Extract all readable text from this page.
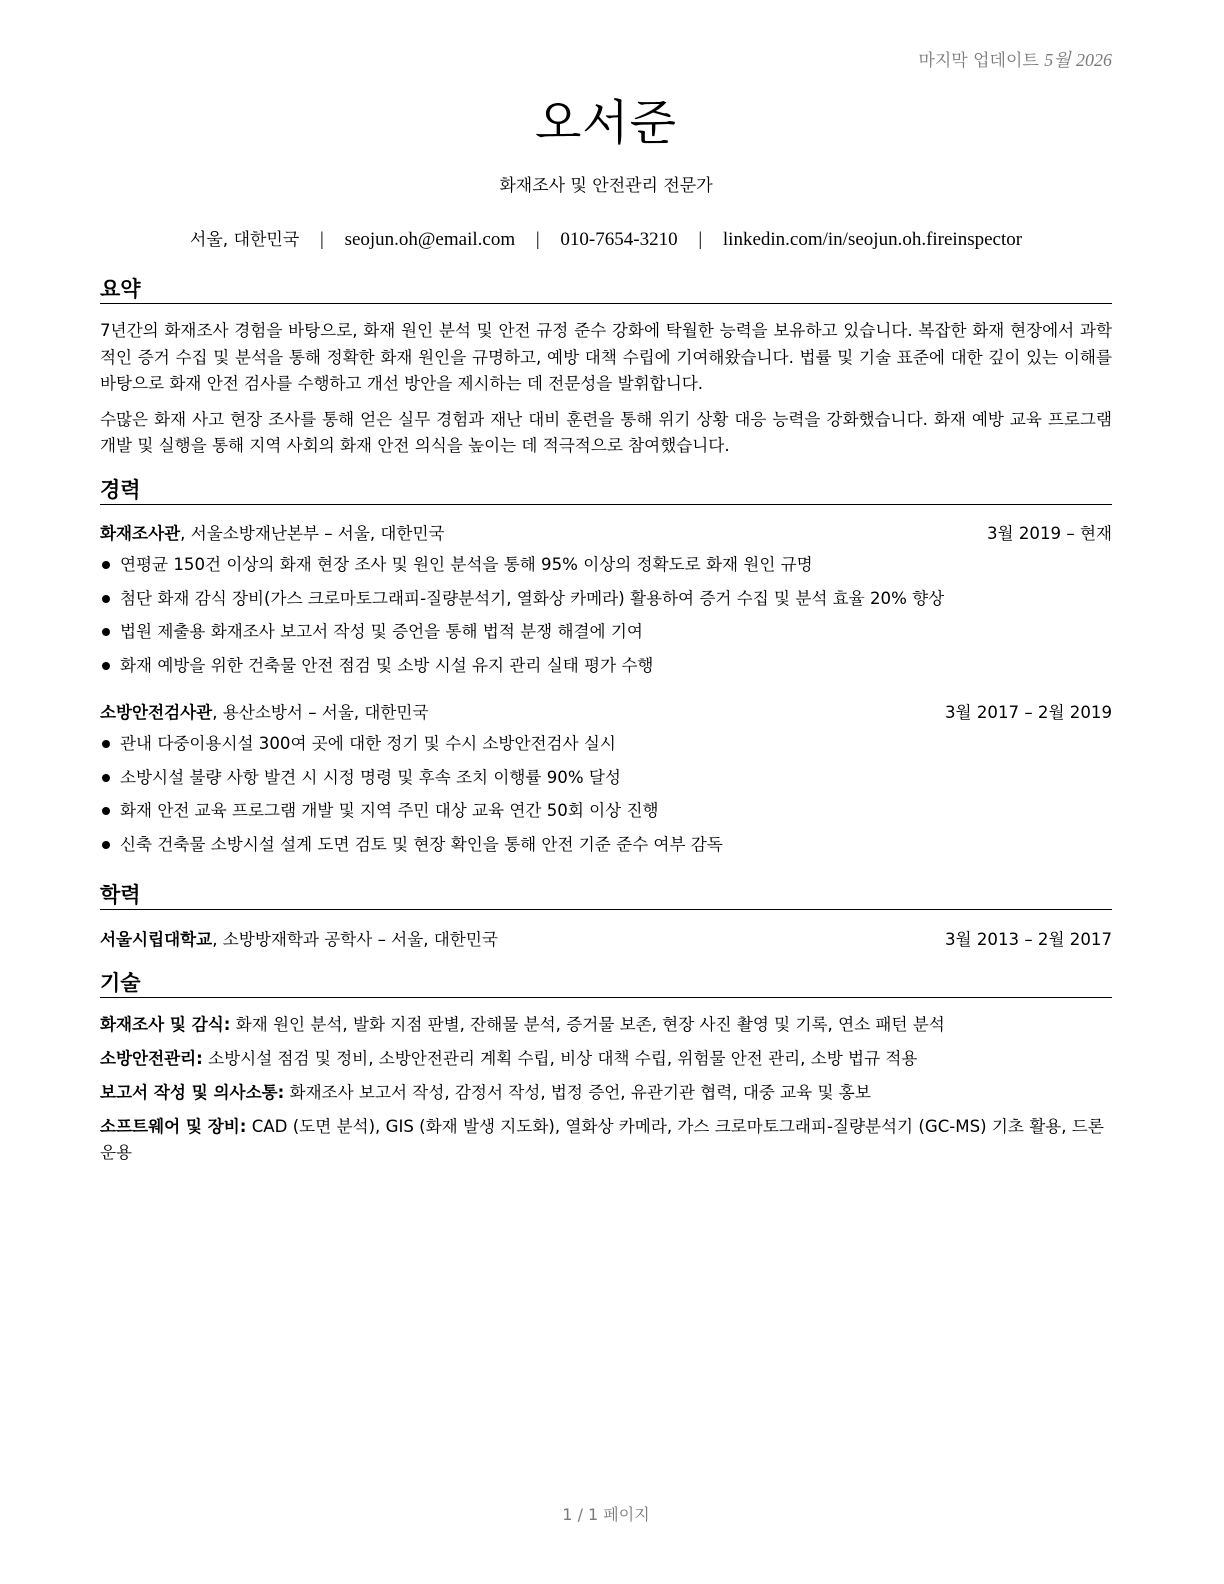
마지막 업데이트 5월 2026
오서준
화재조사 및 안전관리 전문가
서울, 대한민국 | seojun.oh@email.com | 010-7654-3210 | linkedin.com/in/seojun.oh.fireinspector
요약

7년간의 화재조사 경험을 바탕으로, 화재 원인 분석 및 안전 규정 준수 강화에 탁월한 능력을 보유하고 있습니다. 복잡한 화재 현장에서 과학적인 증거 수집 및 분석을 통해 정확한 화재 원인을 규명하고, 예방 대책 수립에 기여해왔습니다. 법률 및 기술 표준에 대한 깊이 있는 이해를 바탕으로 화재 안전 검사를 수행하고 개선 방안을 제시하는 데 전문성을 발휘합니다.

수많은 화재 사고 현장 조사를 통해 얻은 실무 경험과 재난 대비 훈련을 통해 위기 상황 대응 능력을 강화했습니다. 화재 예방 교육 프로그램 개발 및 실행을 통해 지역 사회의 화재 안전 의식을 높이는 데 적극적으로 참여했습니다.

경력
화재조사관, 서울소방재난본부 – 서울, 대한민국	3월 2019 – 현재
연평균 150건 이상의 화재 현장 조사 및 원인 분석을 통해 95% 이상의 정확도로 화재 원인 규명
첨단 화재 감식 장비(가스 크로마토그래피-질량분석기, 열화상 카메라) 활용하여 증거 수집 및 분석 효율 20% 향상
법원 제출용 화재조사 보고서 작성 및 증언을 통해 법적 분쟁 해결에 기여
화재 예방을 위한 건축물 안전 점검 및 소방 시설 유지 관리 실태 평가 수행
소방안전검사관, 용산소방서 – 서울, 대한민국	3월 2017 – 2월 2019
관내 다중이용시설 300여 곳에 대한 정기 및 수시 소방안전검사 실시
소방시설 불량 사항 발견 시 시정 명령 및 후속 조치 이행률 90% 달성
화재 안전 교육 프로그램 개발 및 지역 주민 대상 교육 연간 50회 이상 진행
신축 건축물 소방시설 설계 도면 검토 및 현장 확인을 통해 안전 기준 준수 여부 감독
학력
서울시립대학교, 소방방재학과 공학사 – 서울, 대한민국	3월 2013 – 2월 2017
기술

화재조사 및 감식: 화재 원인 분석, 발화 지점 판별, 잔해물 분석, 증거물 보존, 현장 사진 촬영 및 기록, 연소 패턴 분석

소방안전관리: 소방시설 점검 및 정비, 소방안전관리 계획 수립, 비상 대책 수립, 위험물 안전 관리, 소방 법규 적용

보고서 작성 및 의사소통: 화재조사 보고서 작성, 감정서 작성, 법정 증언, 유관기관 협력, 대중 교육 및 홍보

소프트웨어 및 장비: CAD (도면 분석), GIS (화재 발생 지도화), 열화상 카메라, 가스 크로마토그래피-질량분석기 (GC-MS) 기초 활용, 드론 운용

1 / 1 페이지
